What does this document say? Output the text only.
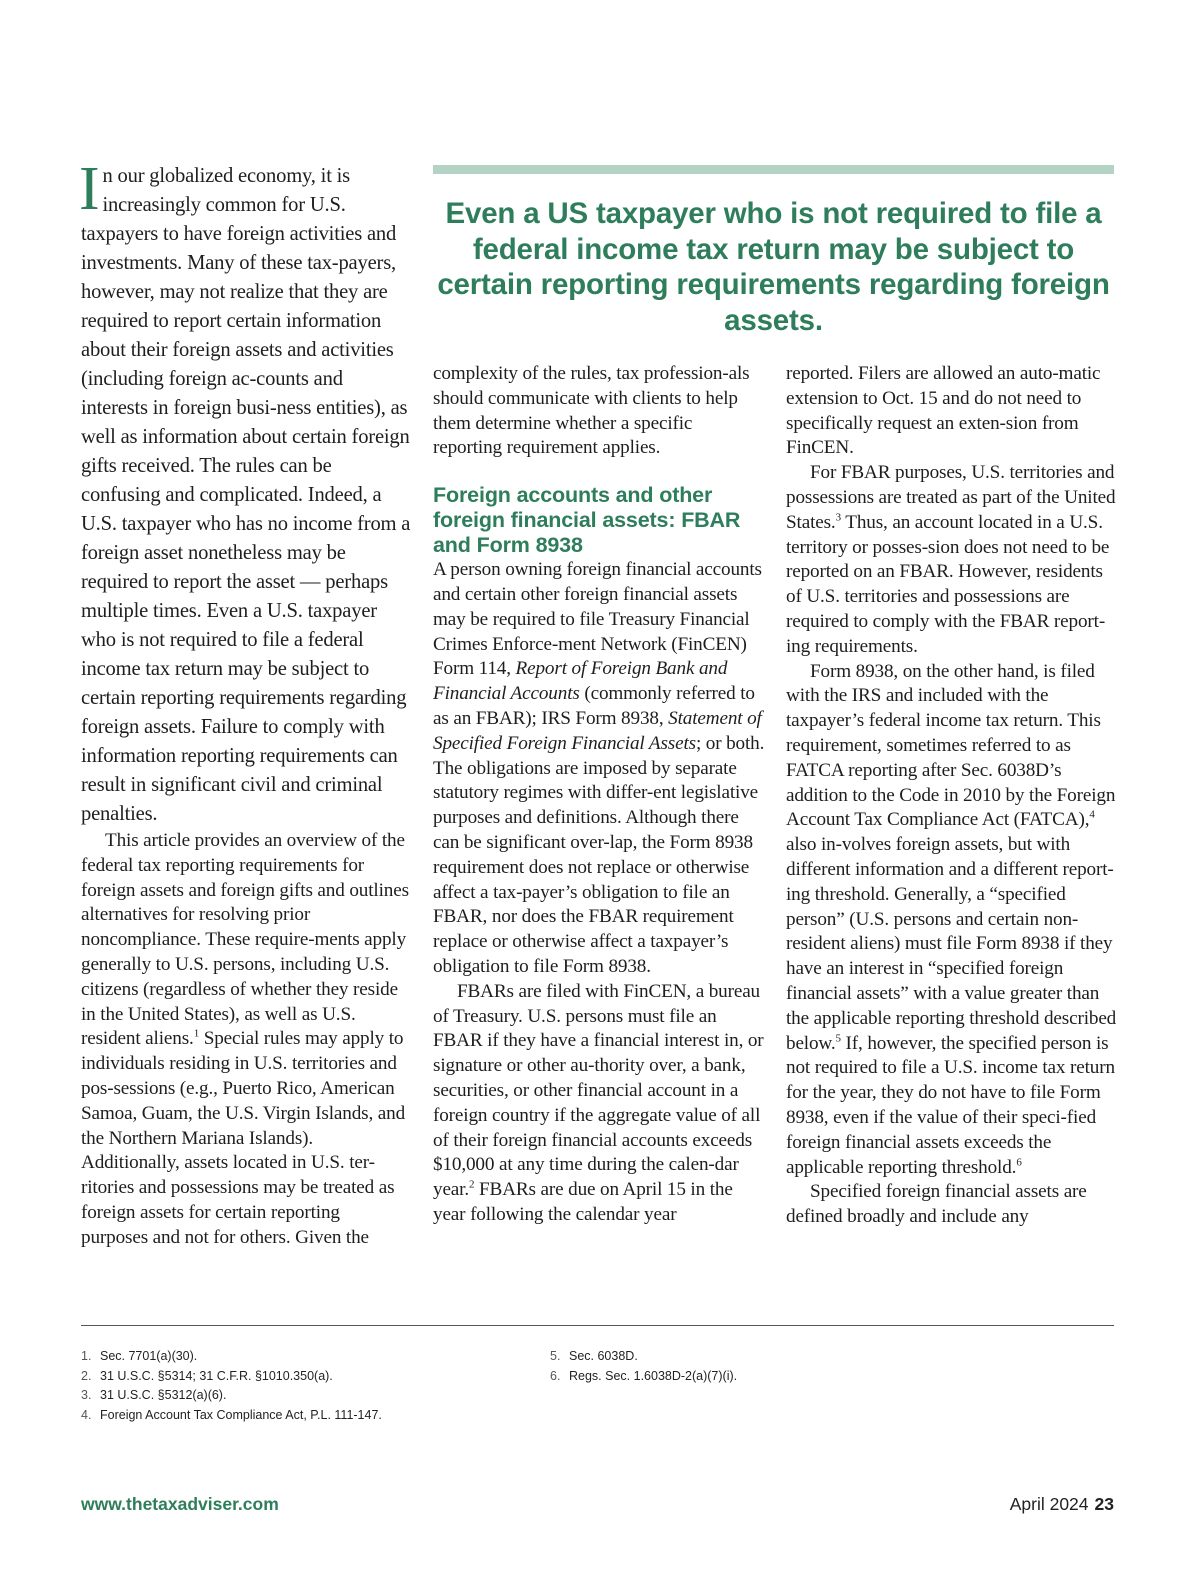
In our globalized economy, it is increasingly common for U.S. taxpayers to have foreign activities and investments. Many of these tax-payers, however, may not realize that they are required to report certain information about their foreign assets and activities (including foreign ac-counts and interests in foreign busi-ness entities), as well as information about certain foreign gifts received. The rules can be confusing and complicated. Indeed, a U.S. taxpayer who has no income from a foreign asset nonetheless may be required to report the asset — perhaps multiple times. Even a U.S. taxpayer who is not required to file a federal income tax return may be subject to certain reporting requirements regarding foreign assets. Failure to comply with information reporting requirements can result in significant civil and criminal penalties.

This article provides an overview of the federal tax reporting requirements for foreign assets and foreign gifts and outlines alternatives for resolving prior noncompliance. These require-ments apply generally to U.S. persons, including U.S. citizens (regardless of whether they reside in the United States), as well as U.S. resident aliens.$^1$ Special rules may apply to individuals residing in U.S. territories and pos-sessions (e.g., Puerto Rico, American Samoa, Guam, the U.S. Virgin Islands, and the Northern Mariana Islands). Additionally, assets located in U.S. ter-ritories and possessions may be treated as foreign assets for certain reporting purposes and not for others. Given the

Even a US taxpayer who is not required to file a federal income tax return may be subject to certain reporting requirements regarding foreign assets.

complexity of the rules, tax profession-als should communicate with clients to help them determine whether a specific reporting requirement applies.

Foreign accounts and other foreign financial assets: FBAR and Form 8938

A person owning foreign financial accounts and certain other foreign financial assets may be required to file Treasury Financial Crimes Enforce-ment Network (FinCEN) Form 114, Report of Foreign Bank and Financial Accounts (commonly referred to as an FBAR); IRS Form 8938, Statement of Specified Foreign Financial Assets; or both. The obligations are imposed by separate statutory regimes with differ-ent legislative purposes and definitions. Although there can be significant over-lap, the Form 8938 requirement does not replace or otherwise affect a tax-payer’s obligation to file an FBAR, nor does the FBAR requirement replace or otherwise affect a taxpayer’s obligation to file Form 8938.

FBARs are filed with FinCEN, a bureau of Treasury. U.S. persons must file an FBAR if they have a financial interest in, or signature or other au-thority over, a bank, securities, or other financial account in a foreign country if the aggregate value of all of their foreign financial accounts exceeds $10,000 at any time during the calen-dar year.$^2$ FBARs are due on April 15 in the year following the calendar year

reported. Filers are allowed an auto-matic extension to Oct. 15 and do not need to specifically request an exten-sion from FinCEN.

For FBAR purposes, U.S. territories and possessions are treated as part of the United States.$^3$ Thus, an account located in a U.S. territory or posses-sion does not need to be reported on an FBAR. However, residents of U.S. territories and possessions are required to comply with the FBAR report-ing requirements.

Form 8938, on the other hand, is filed with the IRS and included with the taxpayer’s federal income tax return. This requirement, sometimes referred to as FATCA reporting after Sec. 6038D’s addition to the Code in 2010 by the Foreign Account Tax Compliance Act (FATCA),$^4$ also in-volves foreign assets, but with different information and a different report-ing threshold. Generally, a “specified person” (U.S. persons and certain non-resident aliens) must file Form 8938 if they have an interest in “specified foreign financial assets” with a value greater than the applicable reporting threshold described below.$^5$ If, however, the specified person is not required to file a U.S. income tax return for the year, they do not have to file Form 8938, even if the value of their speci-fied foreign financial assets exceeds the applicable reporting threshold.$^6$

Specified foreign financial assets are defined broadly and include any

1. Sec. 7701(a)(30).
2. 31 U.S.C. §5314; 31 C.F.R. §1010.350(a).
3. 31 U.S.C. §5312(a)(6).
4. Foreign Account Tax Compliance Act, P.L. 111-147.
5. Sec. 6038D.
6. Regs. Sec. 1.6038D-2(a)(7)(i).
www.thetaxadviser.com	April 2024 23
